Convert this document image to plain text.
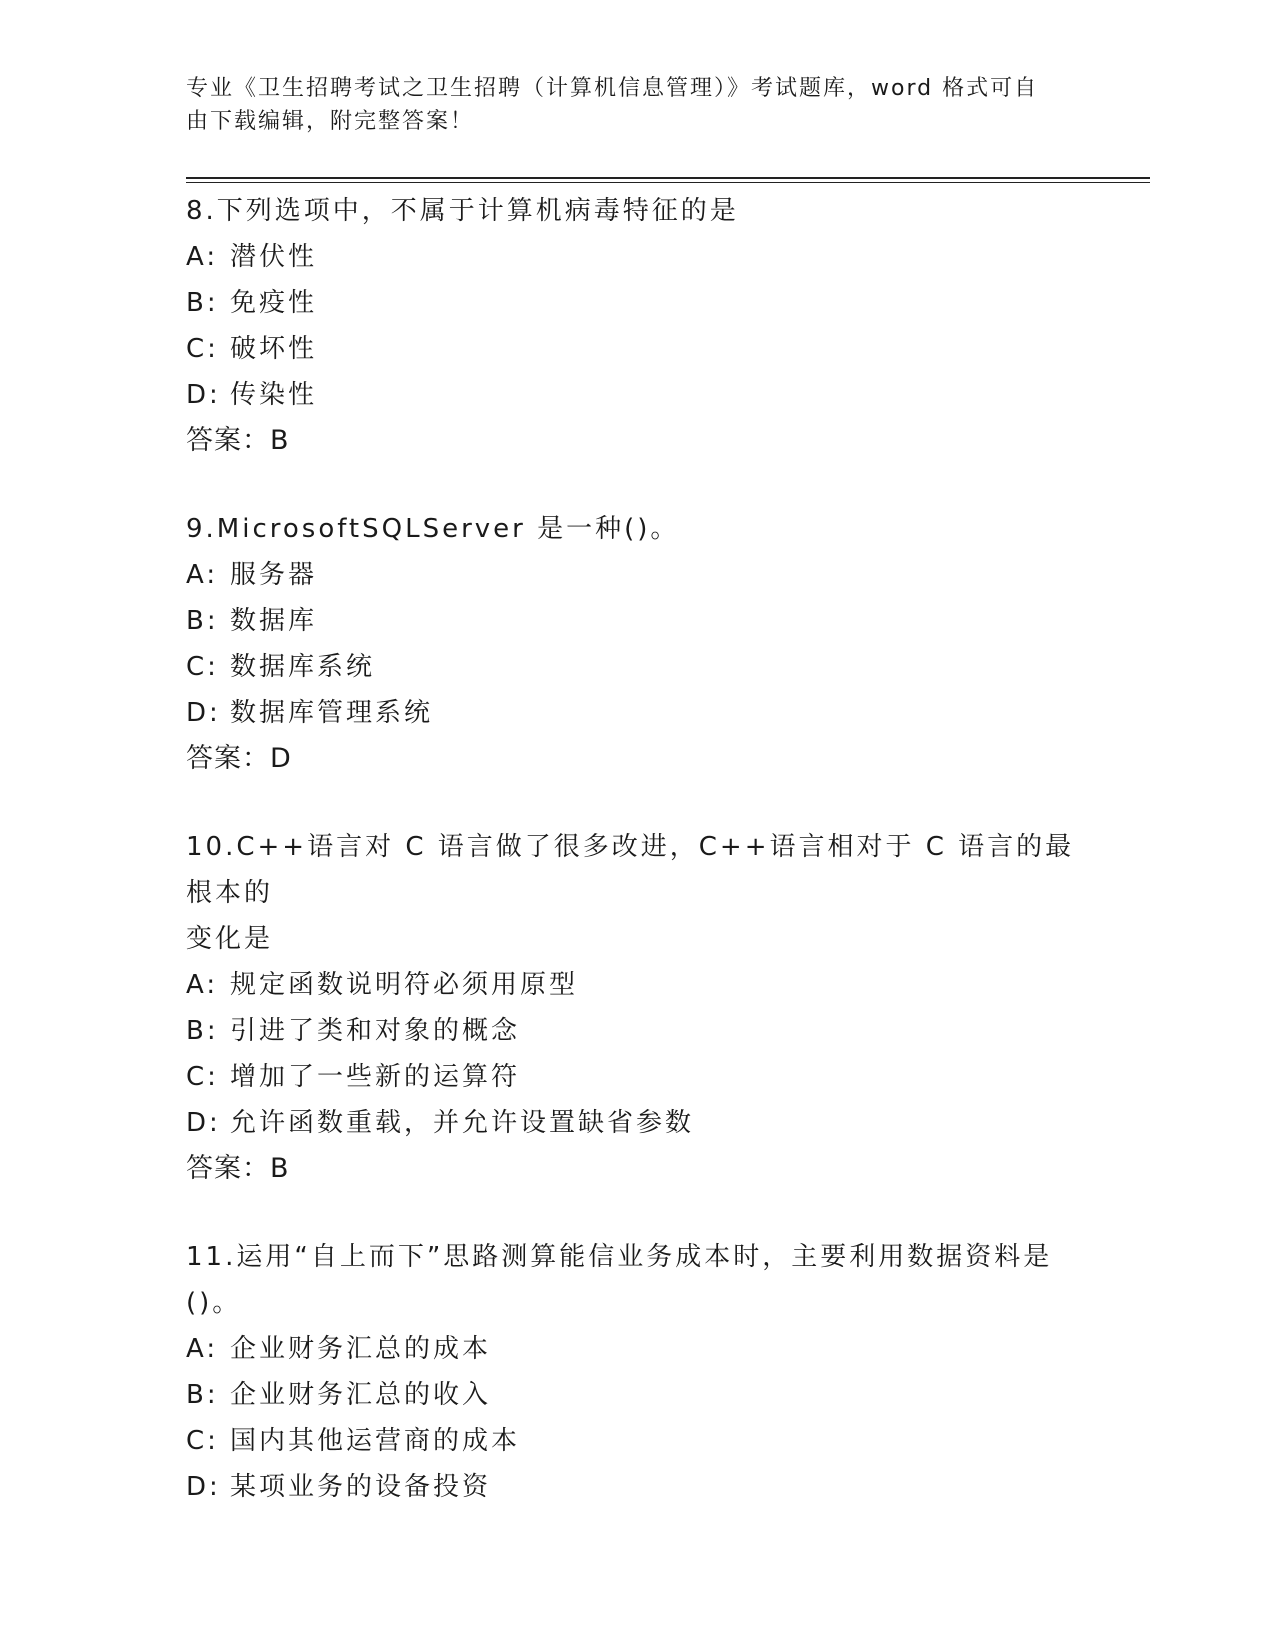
专业《卫生招聘考试之卫生招聘（计算机信息管理）》考试题库，word 格式可自
由下载编辑，附完整答案！
8.下列选项中，不属于计算机病毒特征的是
A: 潜伏性
B: 免疫性
C: 破坏性
D: 传染性
答案：B
9.MicrosoftSQLServer 是一种()。
A: 服务器
B: 数据库
C: 数据库系统
D: 数据库管理系统
答案：D
10.C++语言对 C 语言做了很多改进，C++语言相对于 C 语言的最根本的
变化是
A: 规定函数说明符必须用原型
B: 引进了类和对象的概念
C: 增加了一些新的运算符
D: 允许函数重载，并允许设置缺省参数
答案：B
11.运用“自上而下”思路测算能信业务成本时，主要利用数据资料是
()。
A: 企业财务汇总的成本
B: 企业财务汇总的收入
C: 国内其他运营商的成本
D: 某项业务的设备投资
